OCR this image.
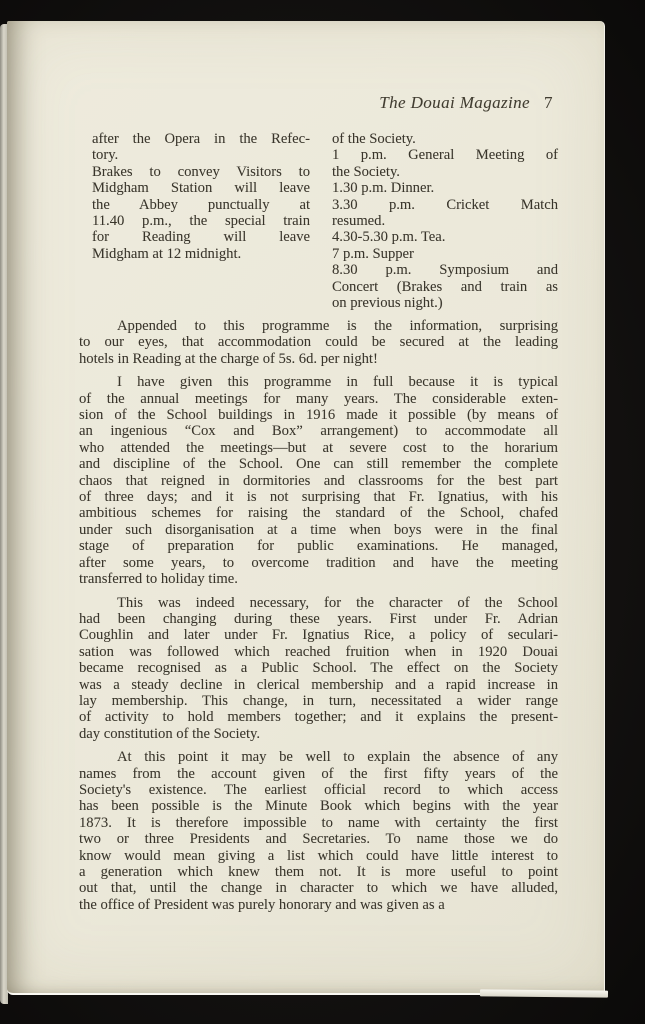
The Douai Magazine 7
after the Opera in the Refec-
tory.
Brakes to convey Visitors to
Midgham Station will leave
the Abbey punctually at
11.40 p.m., the special train
for Reading will leave
Midgham at 12 midnight.
of the Society.
1 p.m. General Meeting of
the Society.
1.30 p.m. Dinner.
3.30 p.m. Cricket Match
resumed.
4.30-5.30 p.m. Tea.
7 p.m. Supper
8.30 p.m. Symposium and
Concert (Brakes and train as
on previous night.)
Appended to this programme is the information, surprising
to our eyes, that accommodation could be secured at the leading
hotels in Reading at the charge of 5s. 6d. per night!
I have given this programme in full because it is typical
of the annual meetings for many years. The considerable exten-
sion of the School buildings in 1916 made it possible (by means of
an ingenious “Cox and Box” arrangement) to accommodate all
who attended the meetings—but at severe cost to the horarium
and discipline of the School. One can still remember the complete
chaos that reigned in dormitories and classrooms for the best part
of three days; and it is not surprising that Fr. Ignatius, with his
ambitious schemes for raising the standard of the School, chafed
under such disorganisation at a time when boys were in the final
stage of preparation for public examinations. He managed,
after some years, to overcome tradition and have the meeting
transferred to holiday time.
This was indeed necessary, for the character of the School
had been changing during these years. First under Fr. Adrian
Coughlin and later under Fr. Ignatius Rice, a policy of seculari-
sation was followed which reached fruition when in 1920 Douai
became recognised as a Public School. The effect on the Society
was a steady decline in clerical membership and a rapid increase in
lay membership. This change, in turn, necessitated a wider range
of activity to hold members together; and it explains the present-
day constitution of the Society.
At this point it may be well to explain the absence of any
names from the account given of the first fifty years of the
Society's existence. The earliest official record to which access
has been possible is the Minute Book which begins with the year
1873. It is therefore impossible to name with certainty the first
two or three Presidents and Secretaries. To name those we do
know would mean giving a list which could have little interest to
a generation which knew them not. It is more useful to point
out that, until the change in character to which we have alluded,
the office of President was purely honorary and was given as a
